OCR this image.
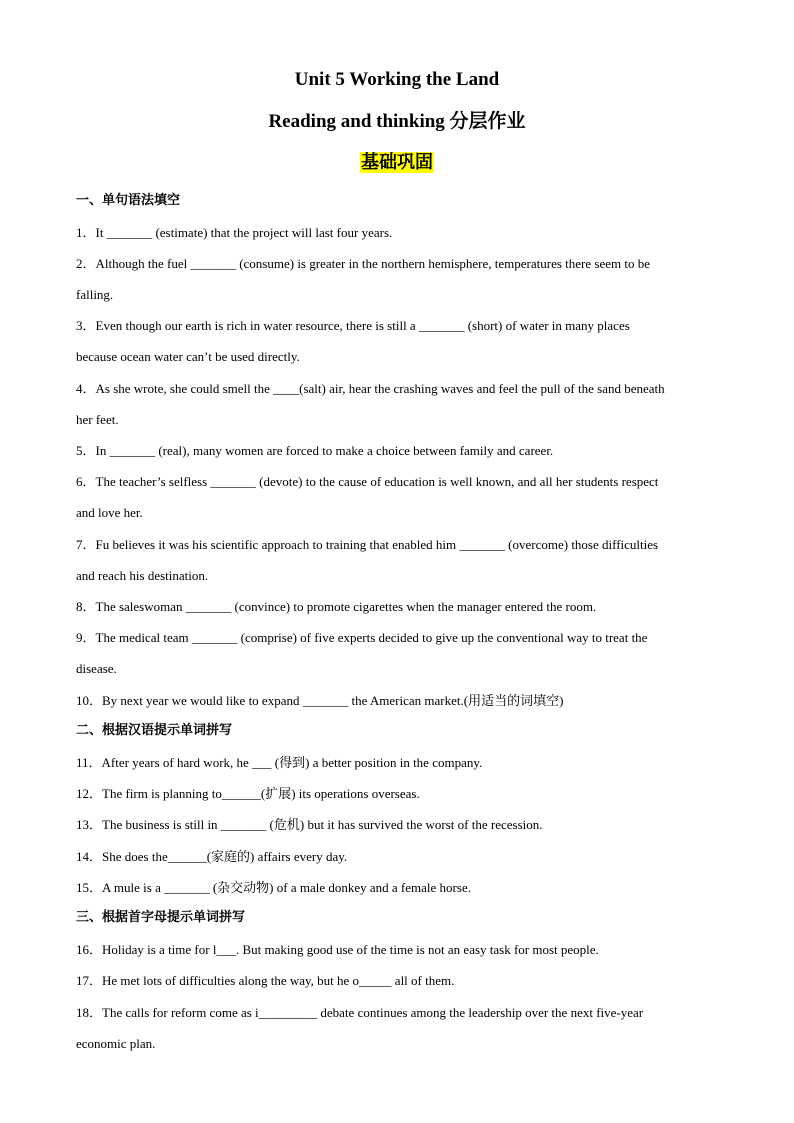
Unit 5 Working the Land
Reading and thinking 分层作业
基础巩固
一、单句语法填空
1．It _______ (estimate) that the project will last four years.
2．Although the fuel _______ (consume) is greater in the northern hemisphere, temperatures there seem to be
falling.
3．Even though our earth is rich in water resource, there is still a _______ (short) of water in many places
because ocean water can’t be used directly.
4．As she wrote, she could smell the ____(salt) air, hear the crashing waves and feel the pull of the sand beneath
her feet.
5．In _______ (real), many women are forced to make a choice between family and career.
6．The teacher’s selfless _______ (devote) to the cause of education is well known, and all her students respect
and love her.
7．Fu believes it was his scientific approach to training that enabled him _______ (overcome) those difficulties
and reach his destination.
8．The saleswoman _______ (convince) to promote cigarettes when the manager entered the room.
9．The medical team _______ (comprise) of five experts decided to give up the conventional way to treat the
disease.
10．By next year we would like to expand _______ the American market.(用适当的词填空)
二、根据汉语提示单词拼写
11．After years of hard work, he ___ (得到) a better position in the company.
12．The firm is planning to______(扩展) its operations overseas.
13．The business is still in _______ (危机) but it has survived the worst of the recession.
14．She does the______(家庭的) affairs every day.
15．A mule is a _______ (杂交动物) of a male donkey and a female horse.
三、根据首字母提示单词拼写
16．Holiday is a time for l___. But making good use of the time is not an easy task for most people.
17．He met lots of difficulties along the way, but he o_____ all of them.
18．The calls for reform come as i_________ debate continues among the leadership over the next five-year
economic plan.
